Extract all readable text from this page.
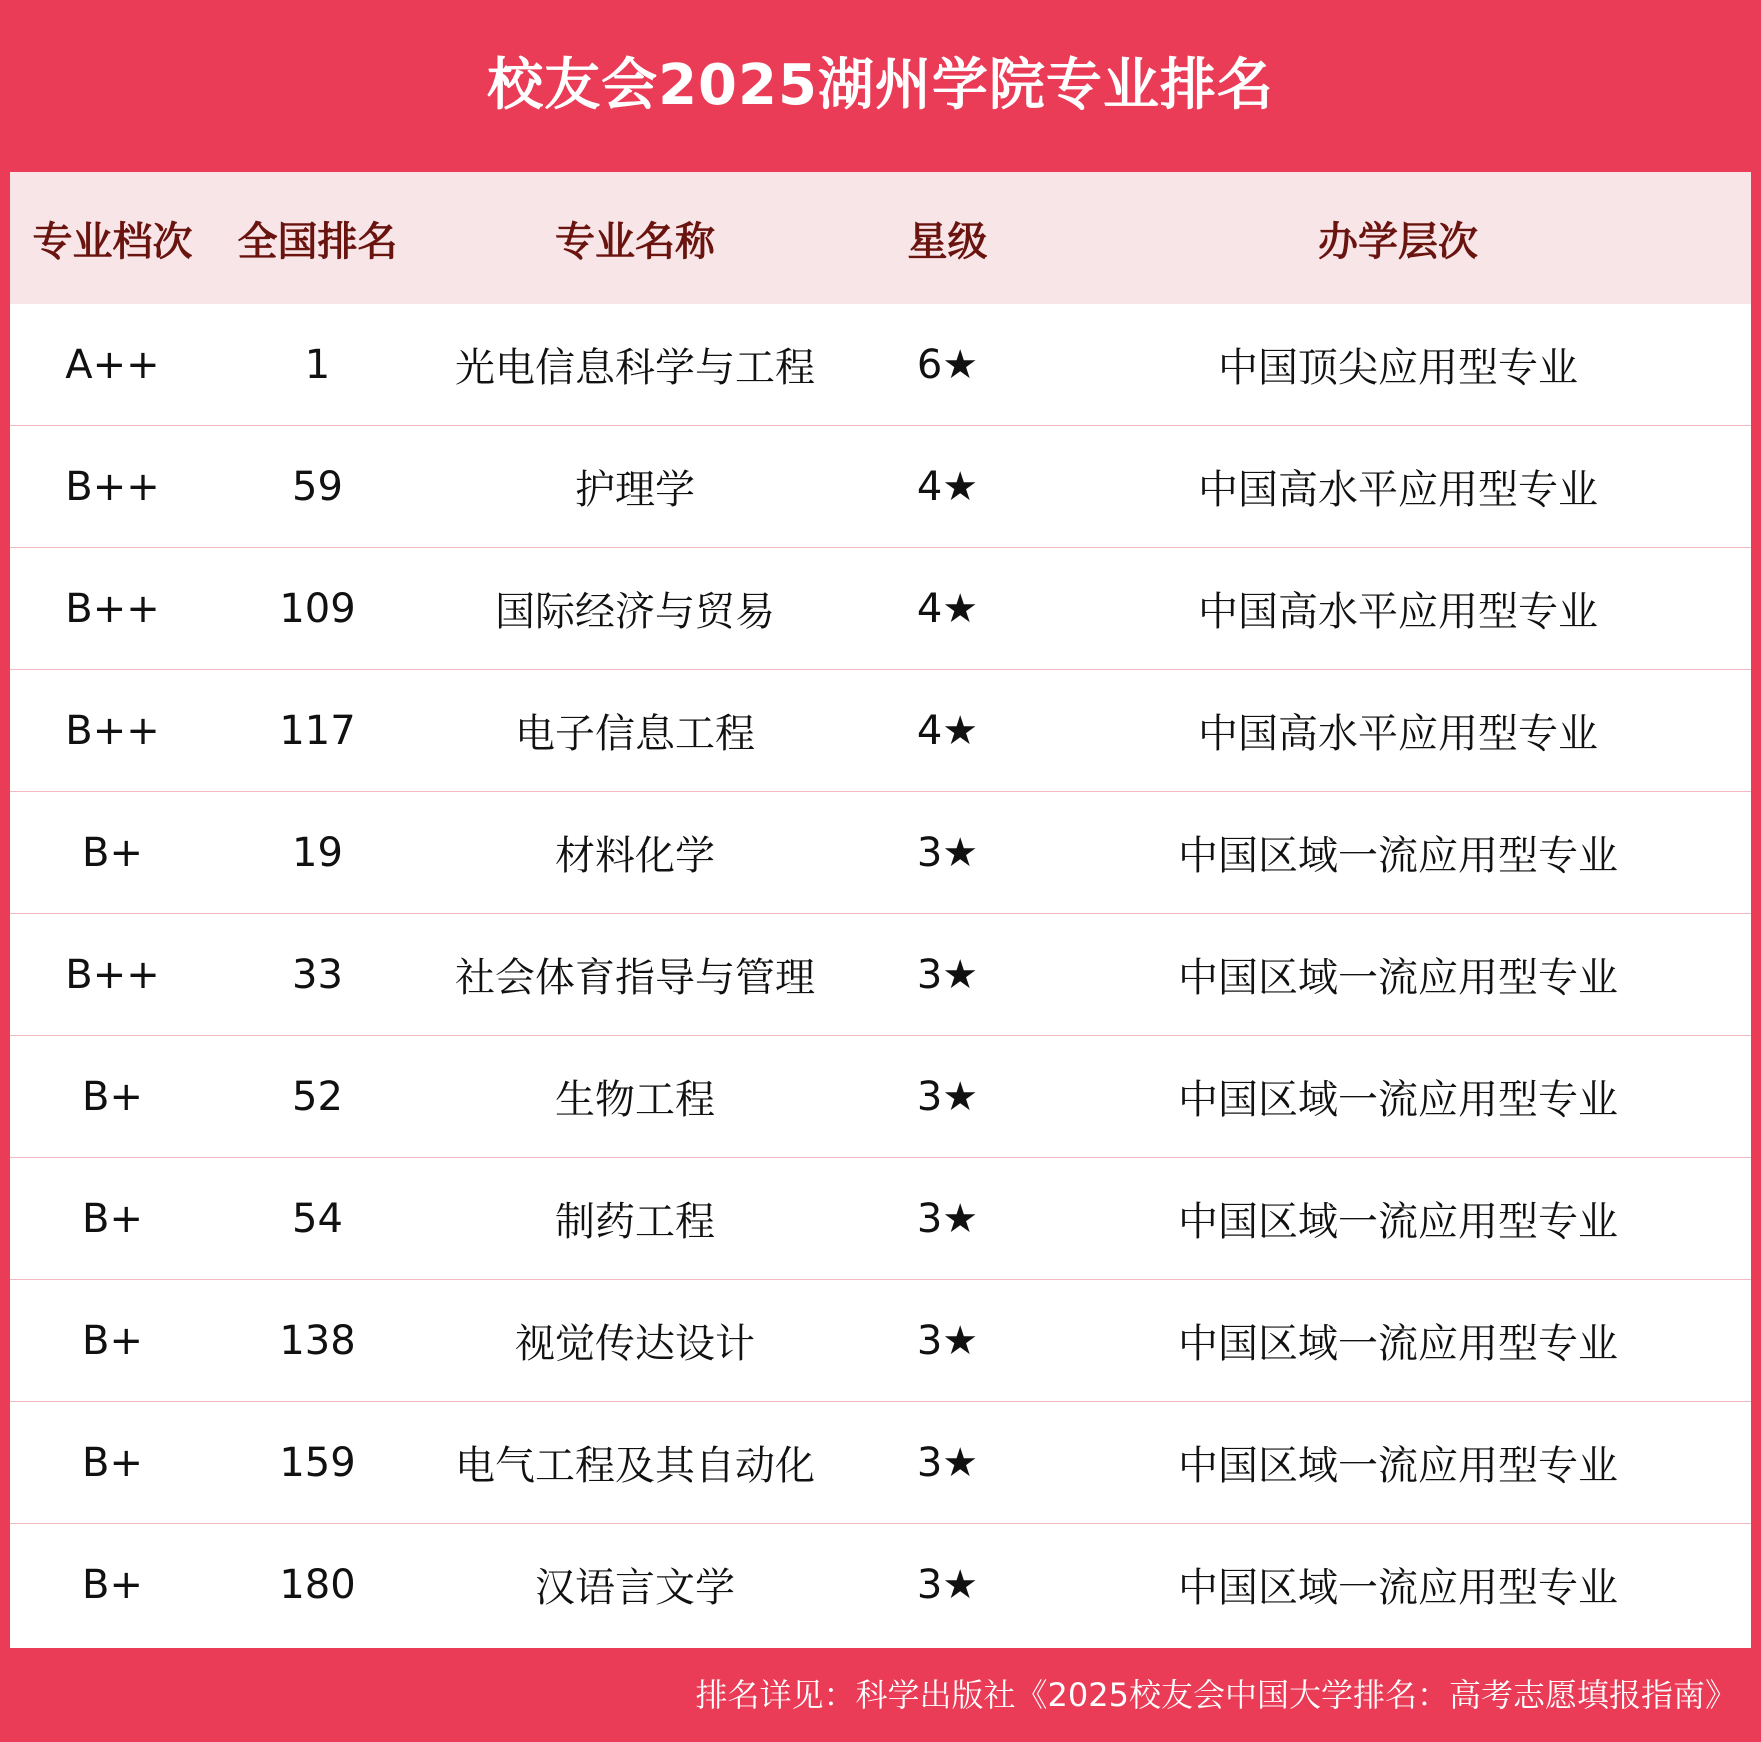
校友会2025湖州学院专业排名
专业档次	全国排名	专业名称	星级	办学层次
A++	1	光电信息科学与工程	6★	中国顶尖应用型专业
B++	59	护理学	4★	中国高水平应用型专业
B++	109	国际经济与贸易	4★	中国高水平应用型专业
B++	117	电子信息工程	4★	中国高水平应用型专业
B+	19	材料化学	3★	中国区域一流应用型专业
B++	33	社会体育指导与管理	3★	中国区域一流应用型专业
B+	52	生物工程	3★	中国区域一流应用型专业
B+	54	制药工程	3★	中国区域一流应用型专业
B+	138	视觉传达设计	3★	中国区域一流应用型专业
B+	159	电气工程及其自动化	3★	中国区域一流应用型专业
B+	180	汉语言文学	3★	中国区域一流应用型专业
排名详见：科学出版社《2025校友会中国大学排名：高考志愿填报指南》
